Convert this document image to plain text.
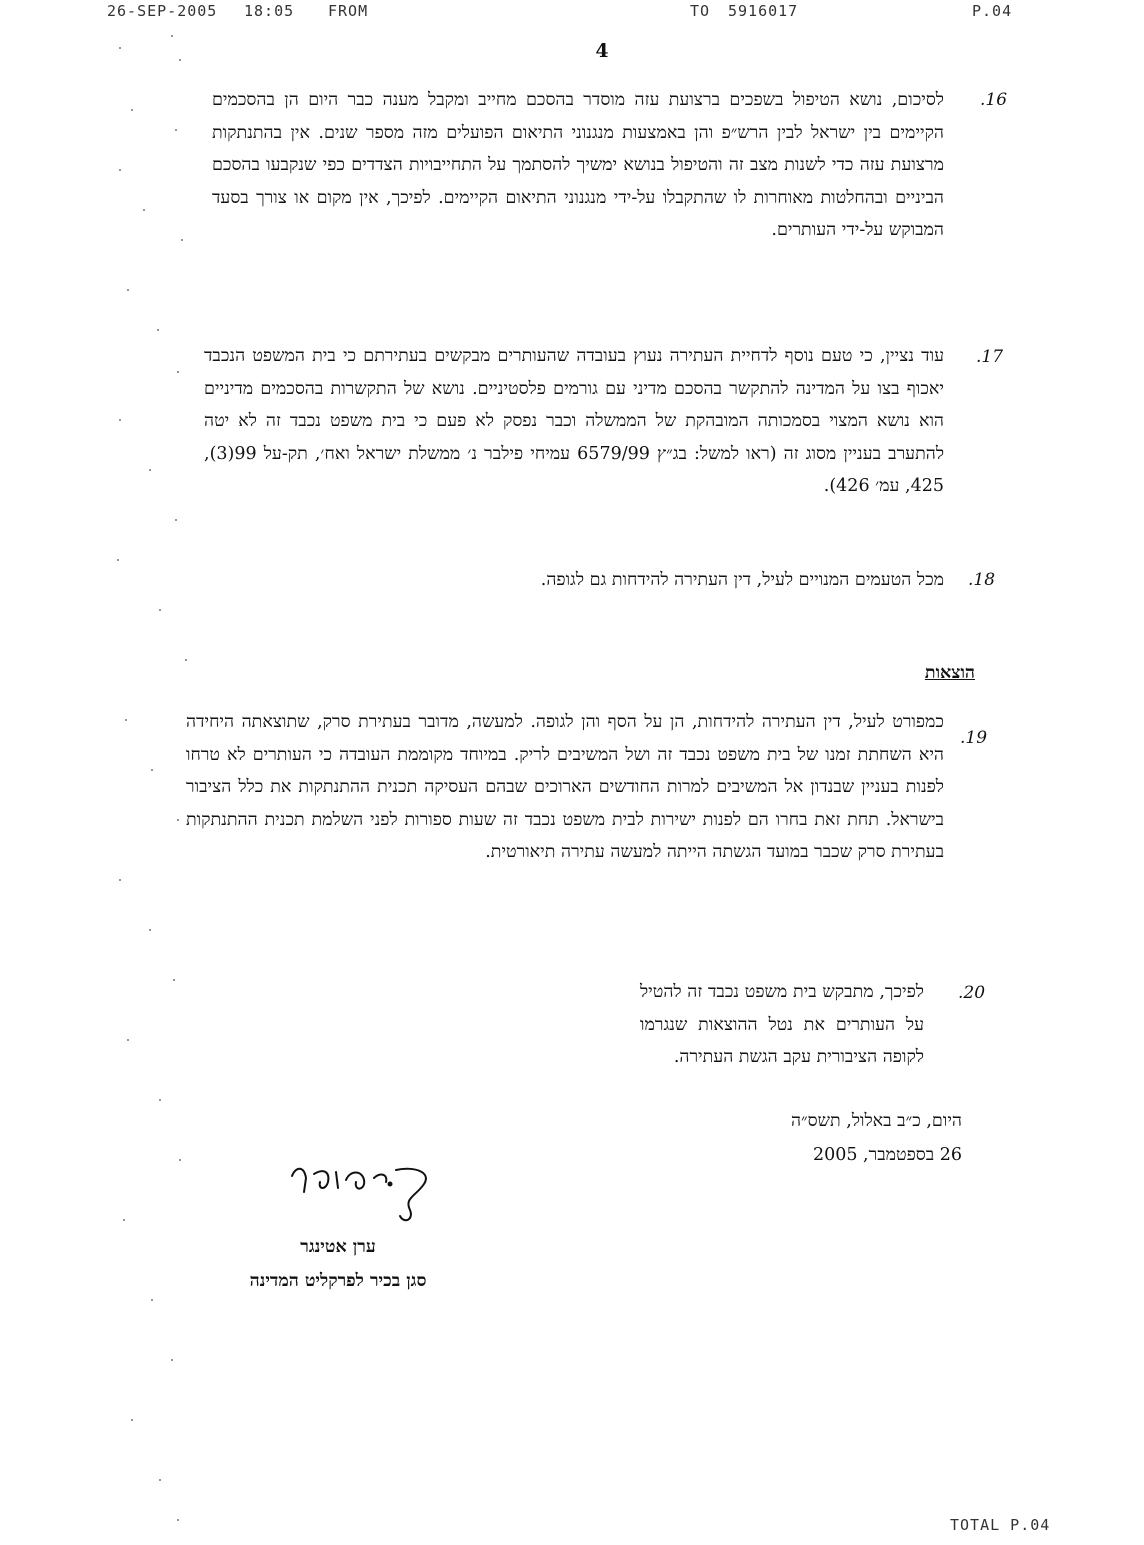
26-SEP-2005 18:05 FROM	TO 5916017	P.04
4
.16
לסיכום, נושא הטיפול בשפכים ברצועת עזה מוסדר בהסכם מחייב ומקבל מענה כבר היום הן בהסכמים הקיימים בין ישראל לבין הרש״פ והן באמצעות מנגנוני התיאום הפועלים מזה מספר שנים. אין בהתנתקות מרצועת עזה כדי לשנות מצב זה והטיפול בנושא ימשיך להסתמך על התחייבויות הצדדים כפי שנקבעו בהסכם הביניים ובהחלטות מאוחרות לו שהתקבלו על-ידי מנגנוני התיאום הקיימים. לפיכך, אין מקום או צורך בסעד המבוקש על-ידי העותרים.
.17
עוד נציין, כי טעם נוסף לדחיית העתירה נעוץ בעובדה שהעותרים מבקשים בעתירתם כי בית המשפט הנכבד יאכוף בצו על המדינה להתקשר בהסכם מדיני עם גורמים פלסטיניים. נושא של התקשרות בהסכמים מדיניים הוא נושא המצוי בסמכותה המובהקת של הממשלה וכבר נפסק לא פעם כי בית משפט נכבד זה לא יטה להתערב בעניין מסוג זה (ראו למשל: בג״ץ 6579/99 עמיחי פילבר נ׳ ממשלת ישראל ואח׳, תק-על 99(3), 425, עמ׳ 426).
.18
מכל הטעמים המנויים לעיל, דין העתירה להידחות גם לגופה.
הוצאות
.19
כמפורט לעיל, דין העתירה להידחות, הן על הסף והן לגופה. למעשה, מדובר בעתירת סרק, שתוצאתה היחידה היא השחתת זמנו של בית משפט נכבד זה ושל המשיבים לריק. במיוחד מקוממת העובדה כי העותרים לא טרחו לפנות בעניין שבנדון אל המשיבים למרות החודשים הארוכים שבהם העסיקה תכנית ההתנתקות את כלל הציבור בישראל. תחת זאת בחרו הם לפנות ישירות לבית משפט נכבד זה שעות ספורות לפני השלמת תכנית ההתנתקות בעתירת סרק שכבר במועד הגשתה הייתה למעשה עתירה תיאורטית.
.20
לפיכך, מתבקש בית משפט נכבד זה להטיל על העותרים את נטל ההוצאות שנגרמו לקופה הציבורית עקב הגשת העתירה.
היום, כ״ב באלול, תשס״ה
26 בספטמבר, 2005
ערן אטינגר
סגן בכיר לפרקליט המדינה
TOTAL P.04
